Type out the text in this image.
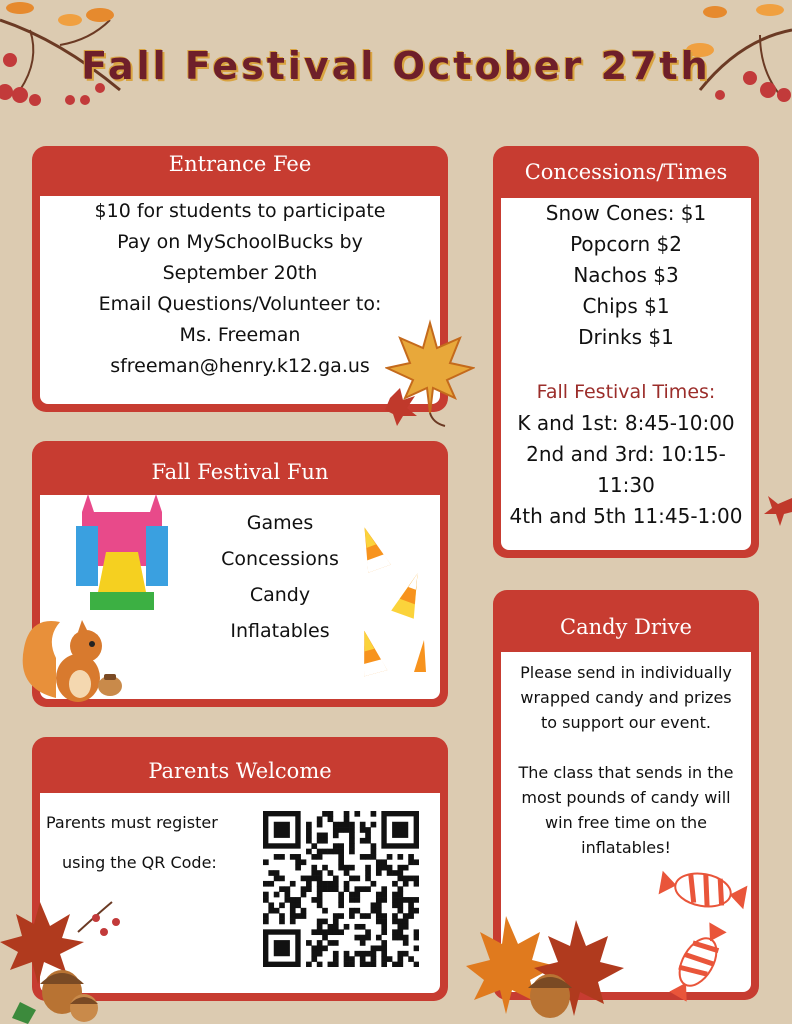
Fall Festival October 27th
Entrance Fee
$10 for students to participate
Pay on MySchoolBucks by
September 20th
Email Questions/Volunteer to:
Ms. Freeman
sfreeman@henry.k12.ga.us
Concessions/Times
Snow Cones: $1
Popcorn $2
Nachos $3
Chips $1
Drinks $1
Fall Festival Times:
K and 1st: 8:45-10:00
2nd and 3rd: 10:15-11:30
4th and 5th 11:45-1:00
Fall Festival Fun
Games
Concessions
Candy
Inflatables	Candy Drive
Please send in individually
wrapped candy and prizes
to support our event.
The class that sends in the
most pounds of candy will
win free time on the
inflatables!
Parents Welcome
Parents must register
using the QR Code:
